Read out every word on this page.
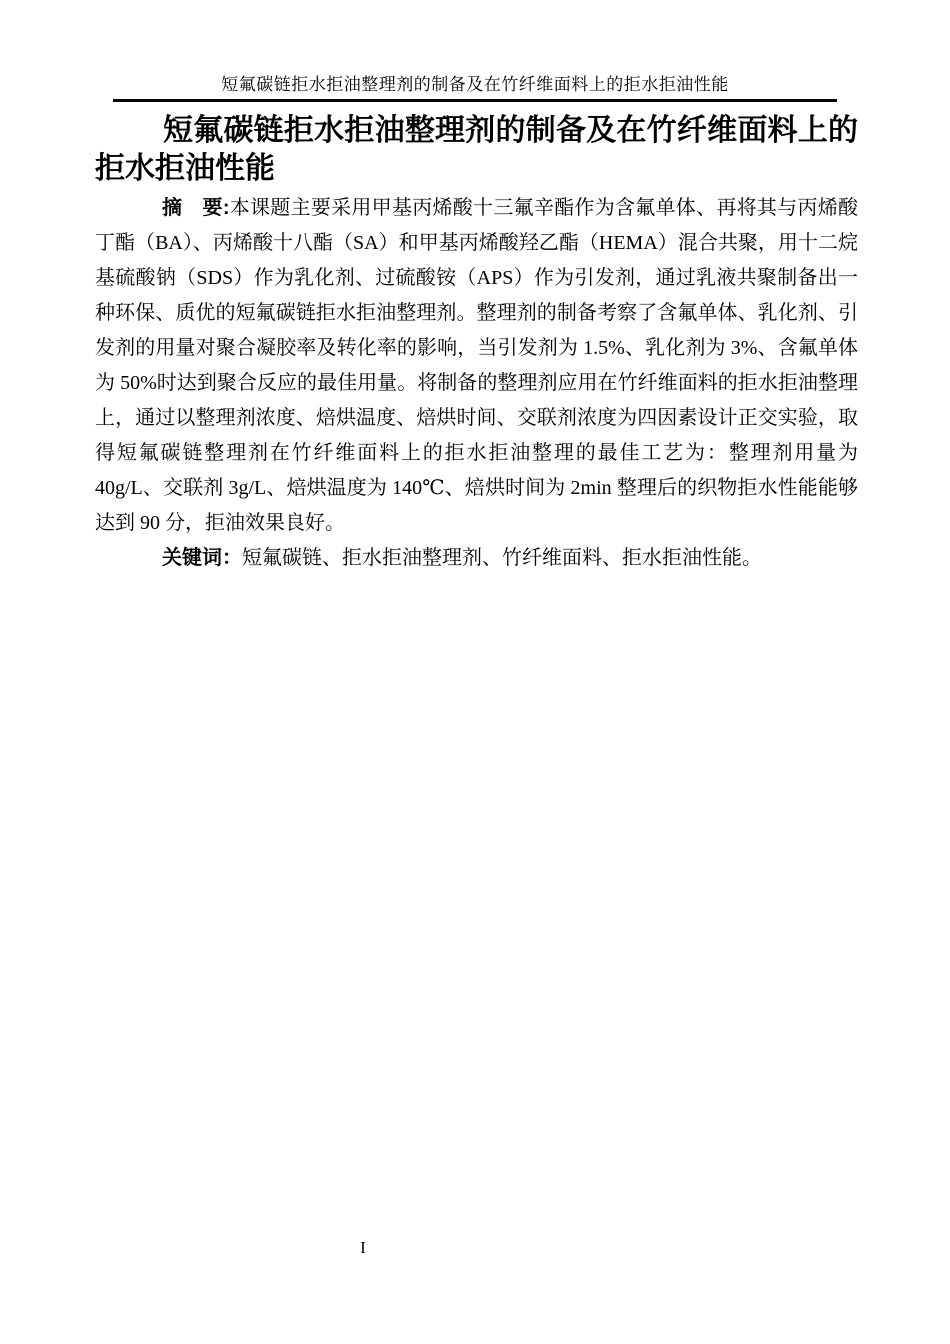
短氟碳链拒水拒油整理剂的制备及在竹纤维面料上的拒水拒油性能
短氟碳链拒水拒油整理剂的制备及在竹纤维面料上的拒水拒油性能

摘　要:本课题主要采用甲基丙烯酸十三氟辛酯作为含氟单体、再将其与丙烯酸丁酯（BA）、丙烯酸十八酯（SA）和甲基丙烯酸羟乙酯（HEMA）混合共聚，用十二烷基硫酸钠（SDS）作为乳化剂、过硫酸铵（APS）作为引发剂，通过乳液共聚制备出一种环保、质优的短氟碳链拒水拒油整理剂。整理剂的制备考察了含氟单体、乳化剂、引发剂的用量对聚合凝胶率及转化率的影响，当引发剂为 1.5%、乳化剂为 3%、含氟单体为 50%时达到聚合反应的最佳用量。将制备的整理剂应用在竹纤维面料的拒水拒油整理上，通过以整理剂浓度、焙烘温度、焙烘时间、交联剂浓度为四因素设计正交实验，取得短氟碳链整理剂在竹纤维面料上的拒水拒油整理的最佳工艺为：整理剂用量为 40g/L、交联剂 3g/L、焙烘温度为 140℃、焙烘时间为 2min 整理后的织物拒水性能能够达到 90 分，拒油效果良好。

关键词：短氟碳链、拒水拒油整理剂、竹纤维面料、拒水拒油性能。

I
